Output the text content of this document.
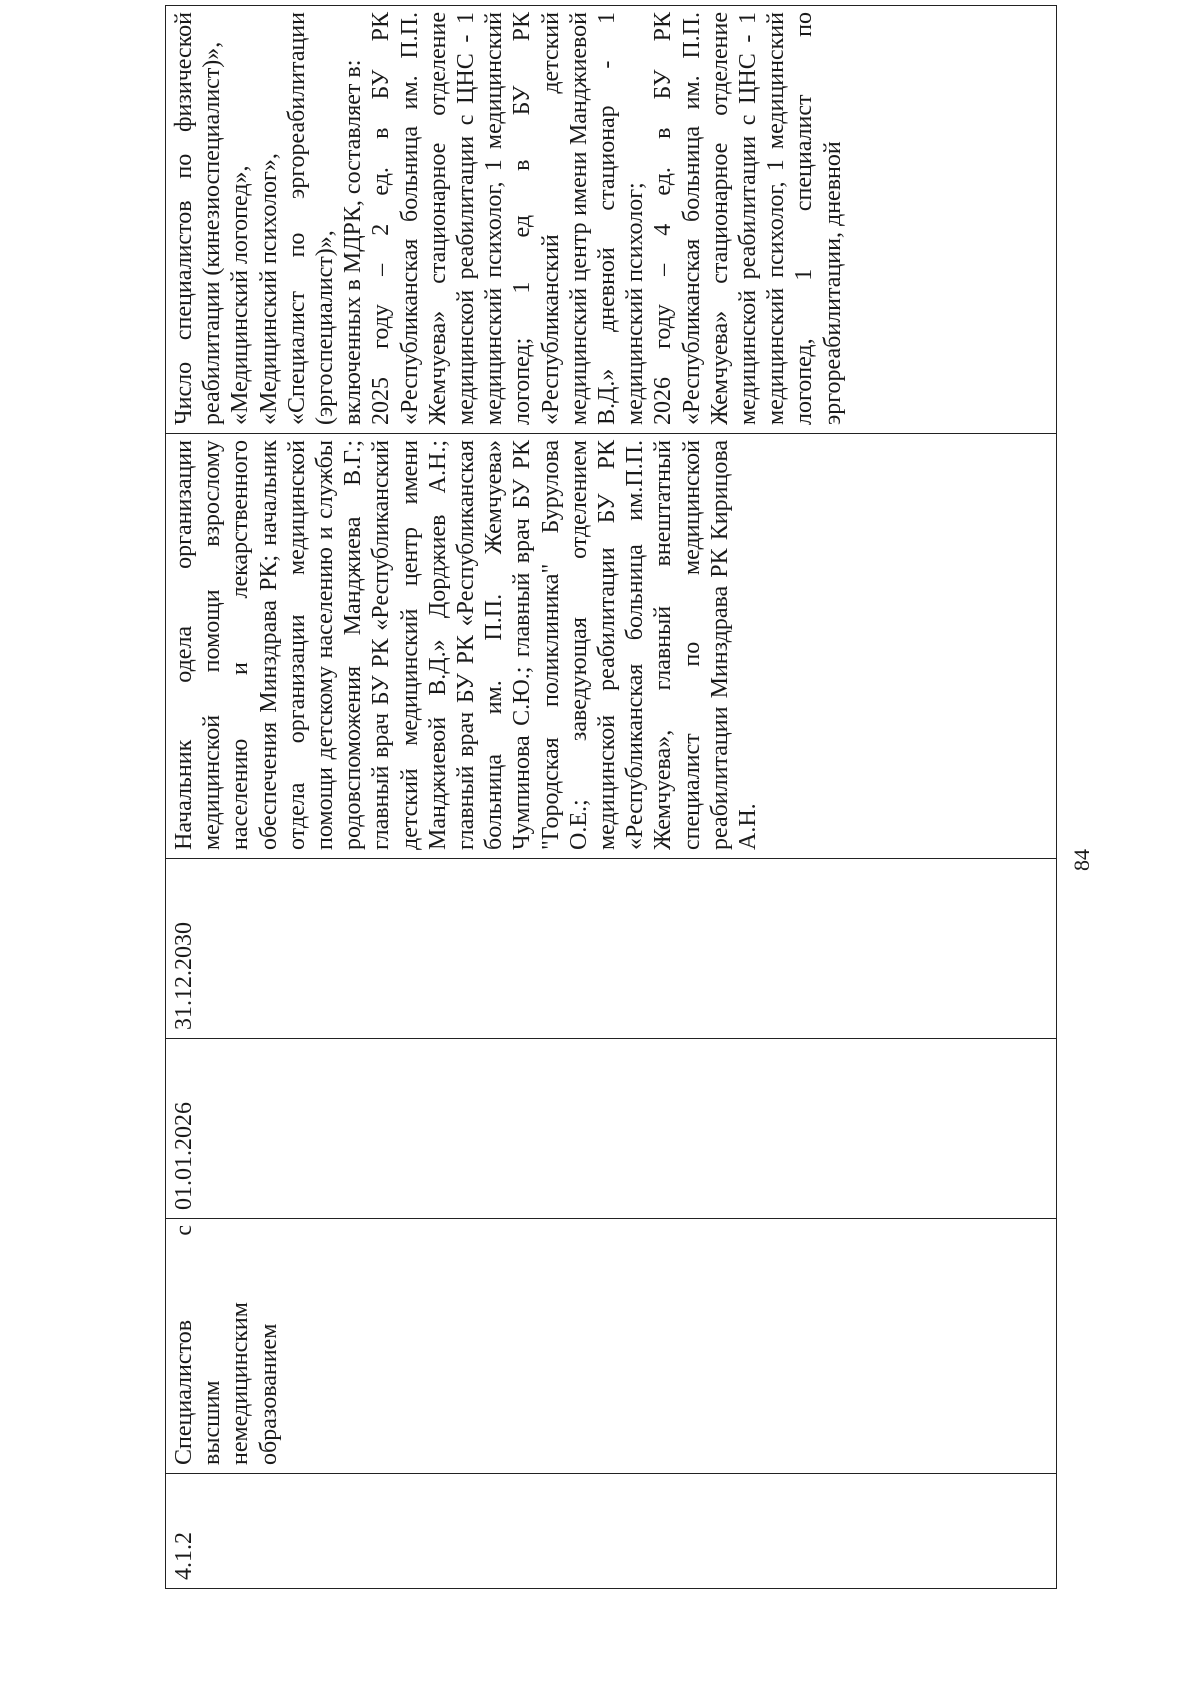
4.1.2	Специалистов с высшим немедицинским образованием	01.01.2026	31.12.2030	Начальник одела организации медицинской помощи взрослому населению и лекарственного обеспечения Минздрава РК; начальник отдела организации медицинской помощи детскому населению и службы родовспоможения Манджиева В.Г.; главный врач БУ РК «Республиканский детский медицинский центр имени Манджиевой В.Д.» Дорджиев А.Н.; главный врач БУ РК «Республиканская больница им. П.П. Жемчуева» Чумпинова С.Ю.; главный врач БУ РК "Городская поликлиника" Бурулова О.Е.; заведующая отделением медицинской реабилитации БУ РК «Республиканская больница им.П.П. Жемчуева», главный внештатный специалист по медицинской реабилитации Минздрава РК Кирицова А.Н.	Число специалистов по физической реабилитации (кинезиоспециалист)»,
«Медицинский логопед»,
«Медицинский психолог»,
«Специалист по эргореабилитации (эргоспециалист)»,
включенных в МДРК, составляет в:
2025 году – 2 ед. в БУ РК «Республиканская больница им. П.П. Жемчуева» стационарное отделение медицинской реабилитации с ЦНС - 1 медицинский психолог, 1 медицинский логопед; 1 ед в БУ РК «Республиканский детский медицинский центр имени Манджиевой В.Д.» дневной стационар - 1 медицинский психолог;
2026 году – 4 ед. в БУ РК «Республиканская больница им. П.П. Жемчуева» стационарное отделение медицинской реабилитации с ЦНС - 1 медицинский психолог, 1 медицинский логопед, 1 специалист по эргореабилитации, дневной
84
